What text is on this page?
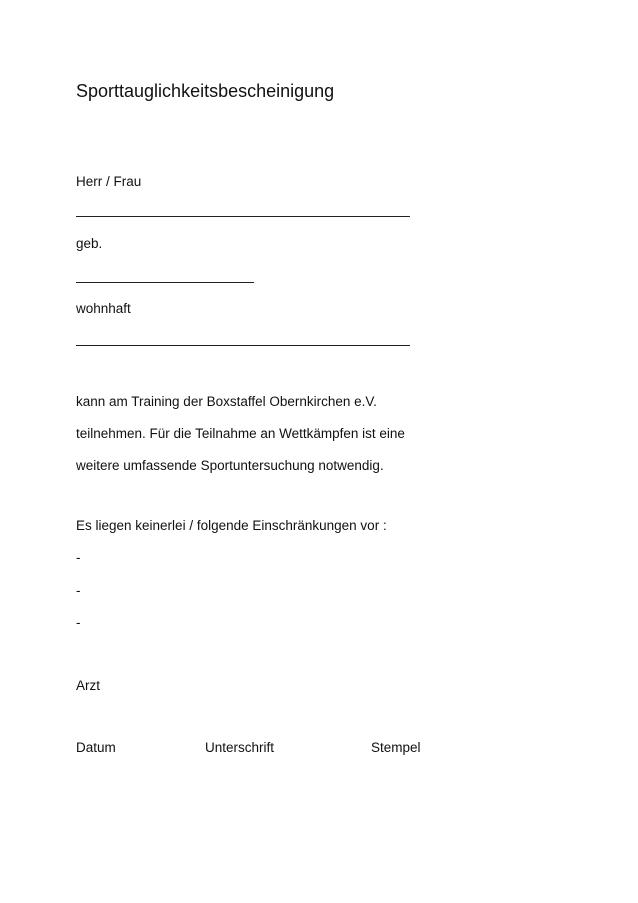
Sporttauglichkeitsbescheinigung
Herr / Frau
geb.
wohnhaft
kann am Training der Boxstaffel Obernkirchen e.V.
teilnehmen. Für die Teilnahme an Wettkämpfen ist eine
weitere umfassende Sportuntersuchung notwendig.
Es liegen keinerlei / folgende Einschränkungen vor :
-
-
-
Arzt
Datum	Unterschrift	Stempel
